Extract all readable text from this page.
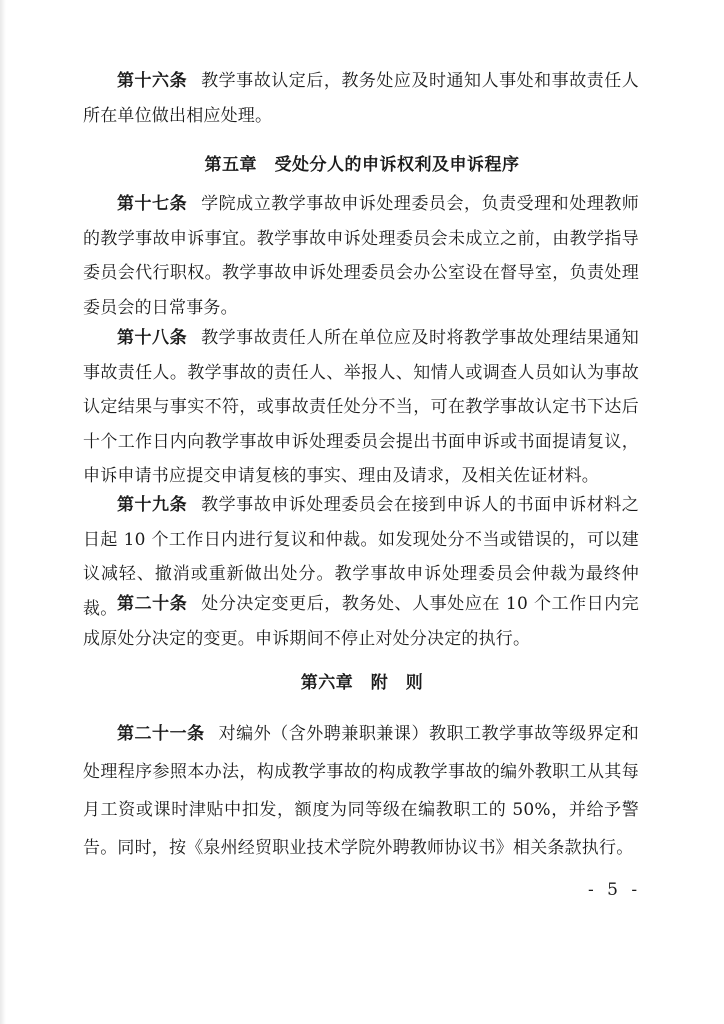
第十六条 教学事故认定后，教务处应及时通知人事处和事故责任人所在单位做出相应处理。

第五章　受处分人的申诉权利及申诉程序

第十七条 学院成立教学事故申诉处理委员会，负责受理和处理教师的教学事故申诉事宜。教学事故申诉处理委员会未成立之前，由教学指导委员会代行职权。教学事故申诉处理委员会办公室设在督导室，负责处理委员会的日常事务。

第十八条 教学事故责任人所在单位应及时将教学事故处理结果通知事故责任人。教学事故的责任人、举报人、知情人或调查人员如认为事故认定结果与事实不符，或事故责任处分不当，可在教学事故认定书下达后十个工作日内向教学事故申诉处理委员会提出书面申诉或书面提请复议，申诉申请书应提交申请复核的事实、理由及请求，及相关佐证材料。

第十九条 教学事故申诉处理委员会在接到申诉人的书面申诉材料之日起 10 个工作日内进行复议和仲裁。如发现处分不当或错误的，可以建议减轻、撤消或重新做出处分。教学事故申诉处理委员会仲裁为最终仲裁。 第二十条 处分决定变更后，教务处、人事处应在 10 个工作日内完成原处分决定的变更。申诉期间不停止对处分决定的执行。

第六章　附　则

第二十一条 对编外（含外聘兼职兼课）教职工教学事故等级界定和处理程序参照本办法，构成教学事故的构成教学事故的编外教职工从其每月工资或课时津贴中扣发，额度为同等级在编教职工的 50%，并给予警告。同时，按《泉州经贸职业技术学院外聘教师协议书》相关条款执行。

- 5 -
